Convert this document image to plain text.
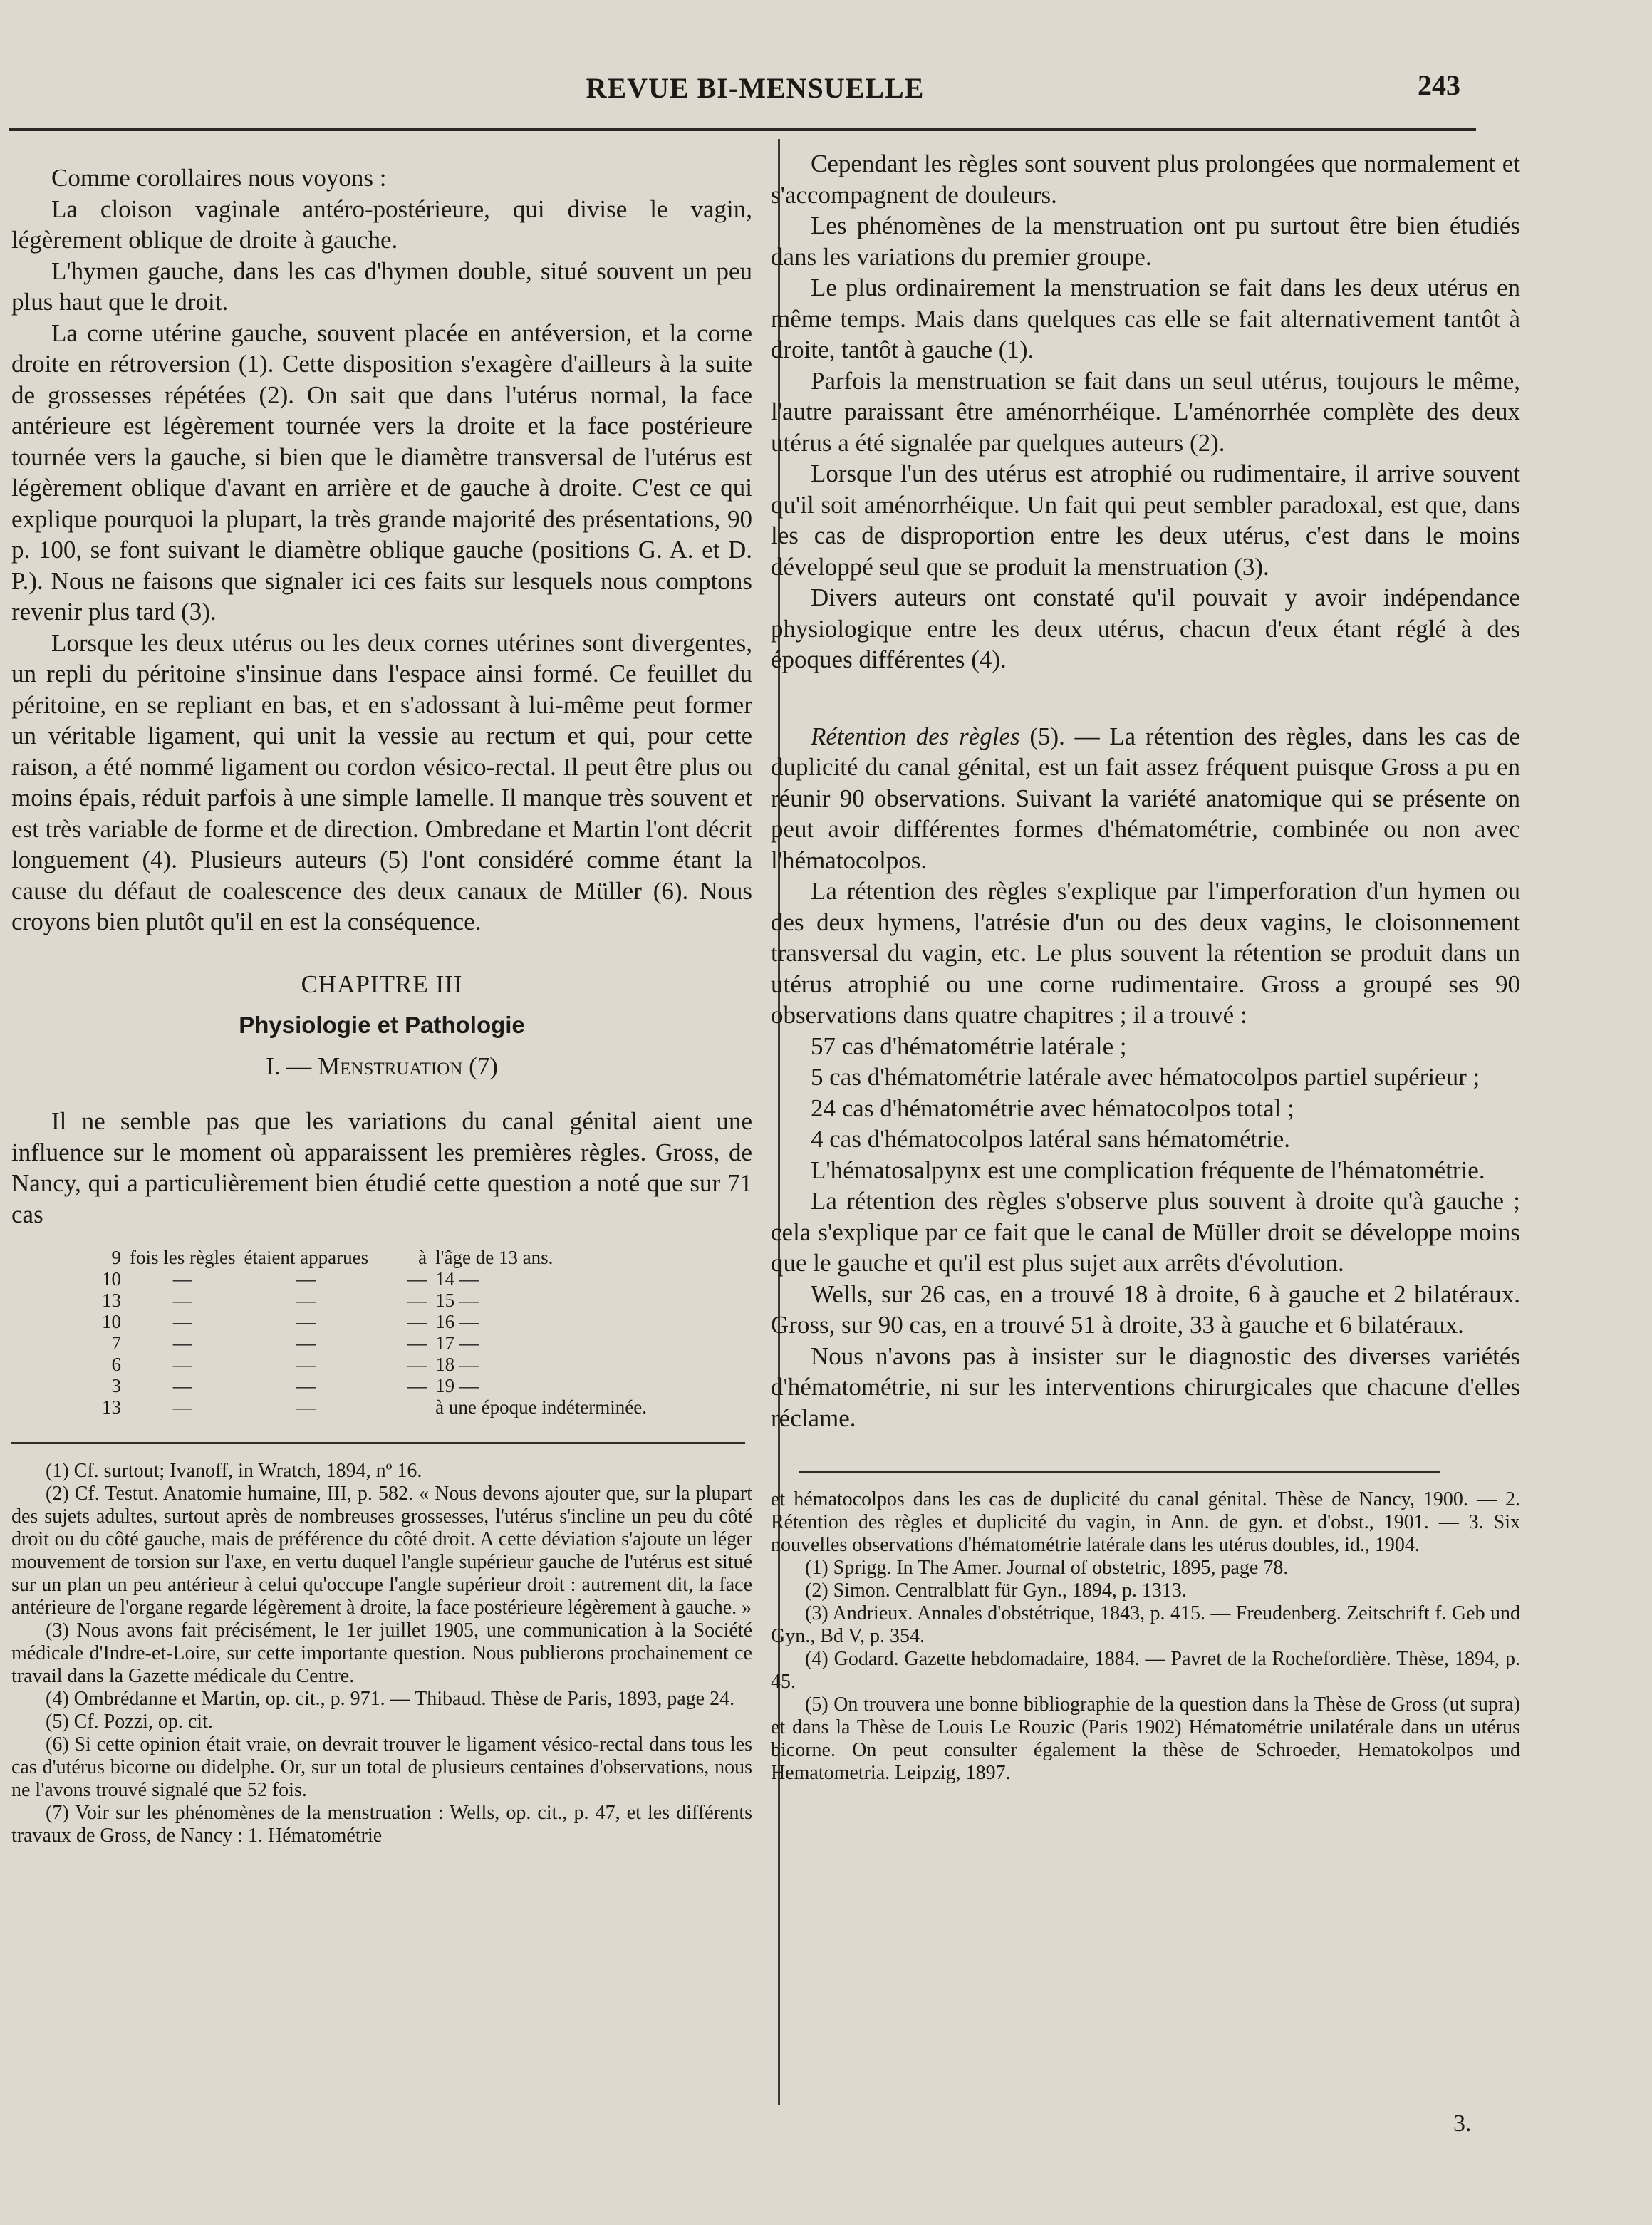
REVUE BI-MENSUELLE	243

Comme corollaires nous voyons :

La cloison vaginale antéro-postérieure, qui divise le vagin, légèrement oblique de droite à gauche.

L'hymen gauche, dans les cas d'hymen double, situé souvent un peu plus haut que le droit.

La corne utérine gauche, souvent placée en antéversion, et la corne droite en rétroversion (1). Cette disposition s'exagère d'ailleurs à la suite de grossesses répétées (2). On sait que dans l'utérus normal, la face antérieure est légèrement tournée vers la droite et la face postérieure tournée vers la gauche, si bien que le diamètre transversal de l'utérus est légèrement oblique d'avant en arrière et de gauche à droite. C'est ce qui explique pourquoi la plupart, la très grande majorité des présentations, 90 p. 100, se font suivant le diamètre oblique gauche (positions G. A. et D. P.). Nous ne faisons que signaler ici ces faits sur lesquels nous comptons revenir plus tard (3).

Lorsque les deux utérus ou les deux cornes utérines sont divergentes, un repli du péritoine s'insinue dans l'espace ainsi formé. Ce feuillet du péritoine, en se repliant en bas, et en s'adossant à lui-même peut former un véritable ligament, qui unit la vessie au rectum et qui, pour cette raison, a été nommé ligament ou cordon vésico-rectal. Il peut être plus ou moins épais, réduit parfois à une simple lamelle. Il manque très souvent et est très variable de forme et de direction. Ombredane et Martin l'ont décrit longuement (4). Plusieurs auteurs (5) l'ont considéré comme étant la cause du défaut de coalescence des deux canaux de Müller (6). Nous croyons bien plutôt qu'il en est la conséquence.

CHAPITRE III
Physiologie et Pathologie
I. — Menstruation (7)

Il ne semble pas que les variations du canal génital aient une influence sur le moment où apparaissent les premières règles. Gross, de Nancy, qui a particulièrement bien étudié cette question a noté que sur 71 cas

9	fois les règles	étaient apparues	à	l'âge de 13 ans.
10	—	—	—	14 —
13	—	—	—	15 —
10	—	—	—	16 —
7	—	—	—	17 —
6	—	—	—	18 —
3	—	—	—	19 —
13	—	—		à une époque indéterminée.

(1) Cf. surtout; Ivanoff, in Wratch, 1894, nº 16.

(2) Cf. Testut. Anatomie humaine, III, p. 582. « Nous devons ajouter que, sur la plupart des sujets adultes, surtout après de nombreuses grossesses, l'utérus s'incline un peu du côté droit ou du côté gauche, mais de préférence du côté droit. A cette déviation s'ajoute un léger mouvement de torsion sur l'axe, en vertu duquel l'angle supérieur gauche de l'utérus est situé sur un plan un peu antérieur à celui qu'occupe l'angle supérieur droit : autrement dit, la face antérieure de l'organe regarde légèrement à droite, la face postérieure légèrement à gauche. »

(3) Nous avons fait précisément, le 1er juillet 1905, une communication à la Société médicale d'Indre-et-Loire, sur cette importante question. Nous publierons prochainement ce travail dans la Gazette médicale du Centre.

(4) Ombrédanne et Martin, op. cit., p. 971. — Thibaud. Thèse de Paris, 1893, page 24.

(5) Cf. Pozzi, op. cit.

(6) Si cette opinion était vraie, on devrait trouver le ligament vésico-rectal dans tous les cas d'utérus bicorne ou didelphe. Or, sur un total de plusieurs centaines d'observations, nous ne l'avons trouvé signalé que 52 fois.

(7) Voir sur les phénomènes de la menstruation : Wells, op. cit., p. 47, et les différents travaux de Gross, de Nancy : 1. Hématométrie

Cependant les règles sont souvent plus prolongées que normalement et s'accompagnent de douleurs.

Les phénomènes de la menstruation ont pu surtout être bien étudiés dans les variations du premier groupe.

Le plus ordinairement la menstruation se fait dans les deux utérus en même temps. Mais dans quelques cas elle se fait alternativement tantôt à droite, tantôt à gauche (1).

Parfois la menstruation se fait dans un seul utérus, toujours le même, l'autre paraissant être aménorrhéique. L'aménorrhée complète des deux utérus a été signalée par quelques auteurs (2).

Lorsque l'un des utérus est atrophié ou rudimentaire, il arrive souvent qu'il soit aménorrhéique. Un fait qui peut sembler paradoxal, est que, dans les cas de disproportion entre les deux utérus, c'est dans le moins développé seul que se produit la menstruation (3).

Divers auteurs ont constaté qu'il pouvait y avoir indépendance physiologique entre les deux utérus, chacun d'eux étant réglé à des époques différentes (4).

Rétention des règles (5). — La rétention des règles, dans les cas de duplicité du canal génital, est un fait assez fréquent puisque Gross a pu en réunir 90 observations. Suivant la variété anatomique qui se présente on peut avoir différentes formes d'hématométrie, combinée ou non avec l'hématocolpos.

La rétention des règles s'explique par l'imperforation d'un hymen ou des deux hymens, l'atrésie d'un ou des deux vagins, le cloisonnement transversal du vagin, etc. Le plus souvent la rétention se produit dans un utérus atrophié ou une corne rudimentaire. Gross a groupé ses 90 observations dans quatre chapitres ; il a trouvé :

57 cas d'hématométrie latérale ;

5 cas d'hématométrie latérale avec hématocolpos partiel supérieur ;

24 cas d'hématométrie avec hématocolpos total ;

4 cas d'hématocolpos latéral sans hématométrie.

L'hématosalpynx est une complication fréquente de l'hématométrie.

La rétention des règles s'observe plus souvent à droite qu'à gauche ; cela s'explique par ce fait que le canal de Müller droit se développe moins que le gauche et qu'il est plus sujet aux arrêts d'évolution.

Wells, sur 26 cas, en a trouvé 18 à droite, 6 à gauche et 2 bilatéraux. Gross, sur 90 cas, en a trouvé 51 à droite, 33 à gauche et 6 bilatéraux.

Nous n'avons pas à insister sur le diagnostic des diverses variétés d'hématométrie, ni sur les interventions chirurgicales que chacune d'elles réclame.

et hématocolpos dans les cas de duplicité du canal génital. Thèse de Nancy, 1900. — 2. Rétention des règles et duplicité du vagin, in Ann. de gyn. et d'obst., 1901. — 3. Six nouvelles observations d'hématométrie latérale dans les utérus doubles, id., 1904.

(1) Sprigg. In The Amer. Journal of obstetric, 1895, page 78.

(2) Simon. Centralblatt für Gyn., 1894, p. 1313.

(3) Andrieux. Annales d'obstétrique, 1843, p. 415. — Freudenberg. Zeitschrift f. Geb und Gyn., Bd V, p. 354.

(4) Godard. Gazette hebdomadaire, 1884. — Pavret de la Rochefordière. Thèse, 1894, p. 45.

(5) On trouvera une bonne bibliographie de la question dans la Thèse de Gross (ut supra) et dans la Thèse de Louis Le Rouzic (Paris 1902) Hématométrie unilatérale dans un utérus bicorne. On peut consulter également la thèse de Schroeder, Hematokolpos und Hematometria. Leipzig, 1897.

3.
